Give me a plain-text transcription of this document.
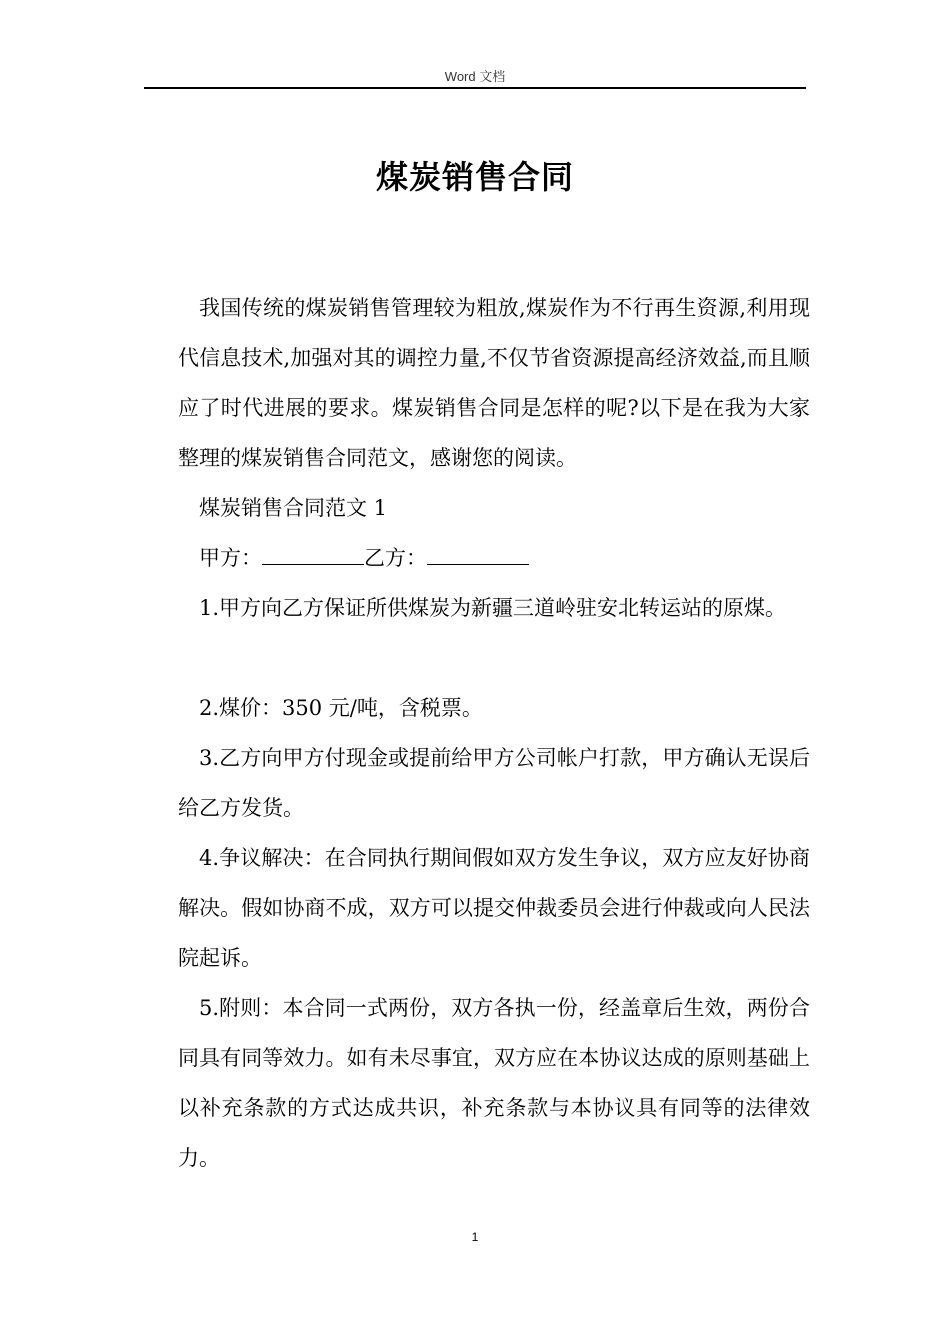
Word 文档
煤炭销售合同

我国传统的煤炭销售管理较为粗放,煤炭作为不行再生资源,利用现代信息技术,加强对其的调控力量,不仅节省资源提高经济效益,而且顺应了时代进展的要求。煤炭销售合同是怎样的呢?以下是在我为大家整理的煤炭销售合同范文，感谢您的阅读。

煤炭销售合同范文 1

甲方：	乙方：

1.甲方向乙方保证所供煤炭为新疆三道岭驻安北转运站的原煤。

2.煤价：350 元/吨，含税票。

3.乙方向甲方付现金或提前给甲方公司帐户打款，甲方确认无误后给乙方发货。

4.争议解决：在合同执行期间假如双方发生争议，双方应友好协商解决。假如协商不成，双方可以提交仲裁委员会进行仲裁或向人民法院起诉。

5.附则：本合同一式两份，双方各执一份，经盖章后生效，两份合同具有同等效力。如有未尽事宜，双方应在本协议达成的原则基础上以补充条款的方式达成共识，补充条款与本协议具有同等的法律效力。

1
